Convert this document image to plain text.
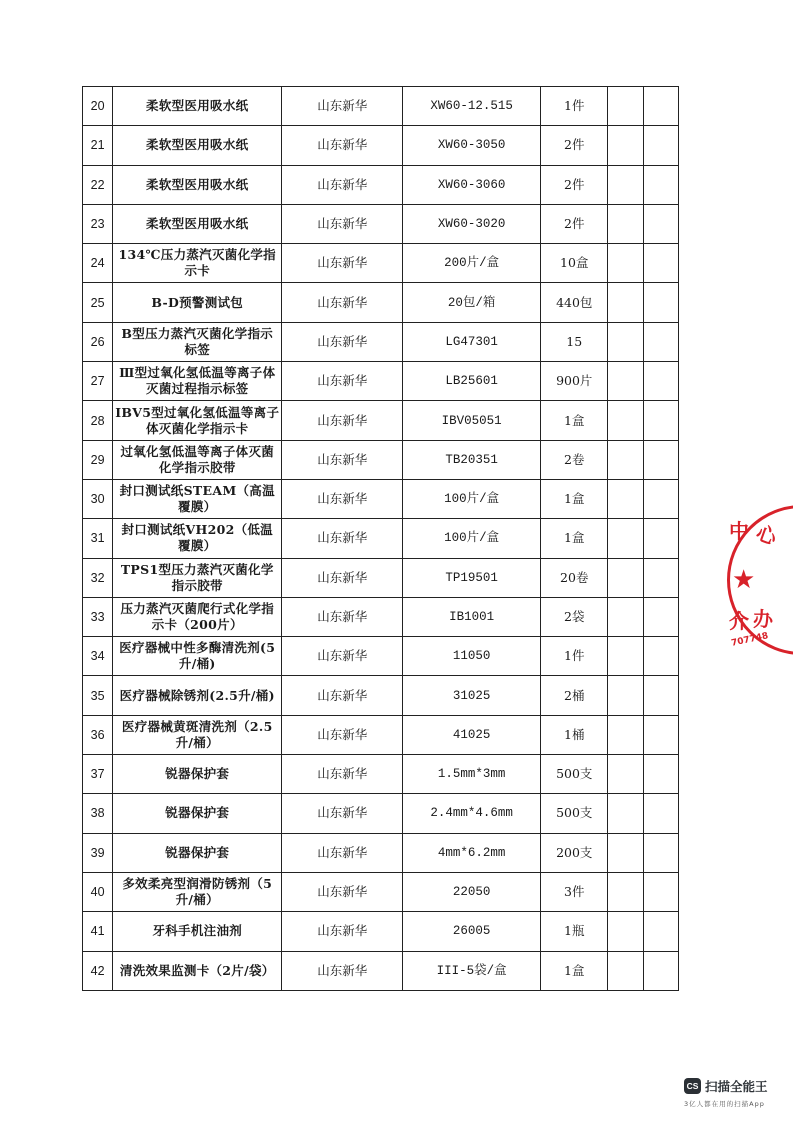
20	柔软型医用吸水纸	山东新华	XW60-12.515	1件		
21	柔软型医用吸水纸	山东新华	XW60-3050	2件		
22	柔软型医用吸水纸	山东新华	XW60-3060	2件		
23	柔软型医用吸水纸	山东新华	XW60-3020	2件		
24	134℃压力蒸汽灭菌化学指示卡	山东新华	200片/盒	10盒		
25	B-D预警测试包	山东新华	20包/箱	440包		
26	B型压力蒸汽灭菌化学指示标签	山东新华	LG47301	15		
27	Ⅲ型过氧化氢低温等离子体灭菌过程指示标签	山东新华	LB25601	900片		
28	IBV5型过氧化氢低温等离子体灭菌化学指示卡	山东新华	IBV05051	1盒		
29	过氧化氢低温等离子体灭菌化学指示胶带	山东新华	TB20351	2卷		
30	封口测试纸STEAM（高温覆膜）	山东新华	100片/盒	1盒		
31	封口测试纸VH202（低温覆膜）	山东新华	100片/盒	1盒		
32	TPS1型压力蒸汽灭菌化学指示胶带	山东新华	TP19501	20卷		
33	压力蒸汽灭菌爬行式化学指示卡（200片）	山东新华	IB1001	2袋		
34	医疗器械中性多酶清洗剂(5升/桶)	山东新华	11050	1件		
35	医疗器械除锈剂(2.5升/桶)	山东新华	31025	2桶		
36	医疗器械黄斑清洗剂（2.5升/桶）	山东新华	41025	1桶		
37	锐器保护套	山东新华	1.5mm*3mm	500支		
38	锐器保护套	山东新华	2.4mm*4.6mm	500支		
39	锐器保护套	山东新华	4mm*6.2mm	200支		
40	多效柔亮型润滑防锈剂（5升/桶）	山东新华	22050	3件		
41	牙科手机注油剂	山东新华	26005	1瓶		
42	清洗效果监测卡（2片/袋）	山东新华	III-5袋/盒	1盒		
中 心
★
介 办
707748
CS 扫描全能王
3亿人都在用的扫描App
